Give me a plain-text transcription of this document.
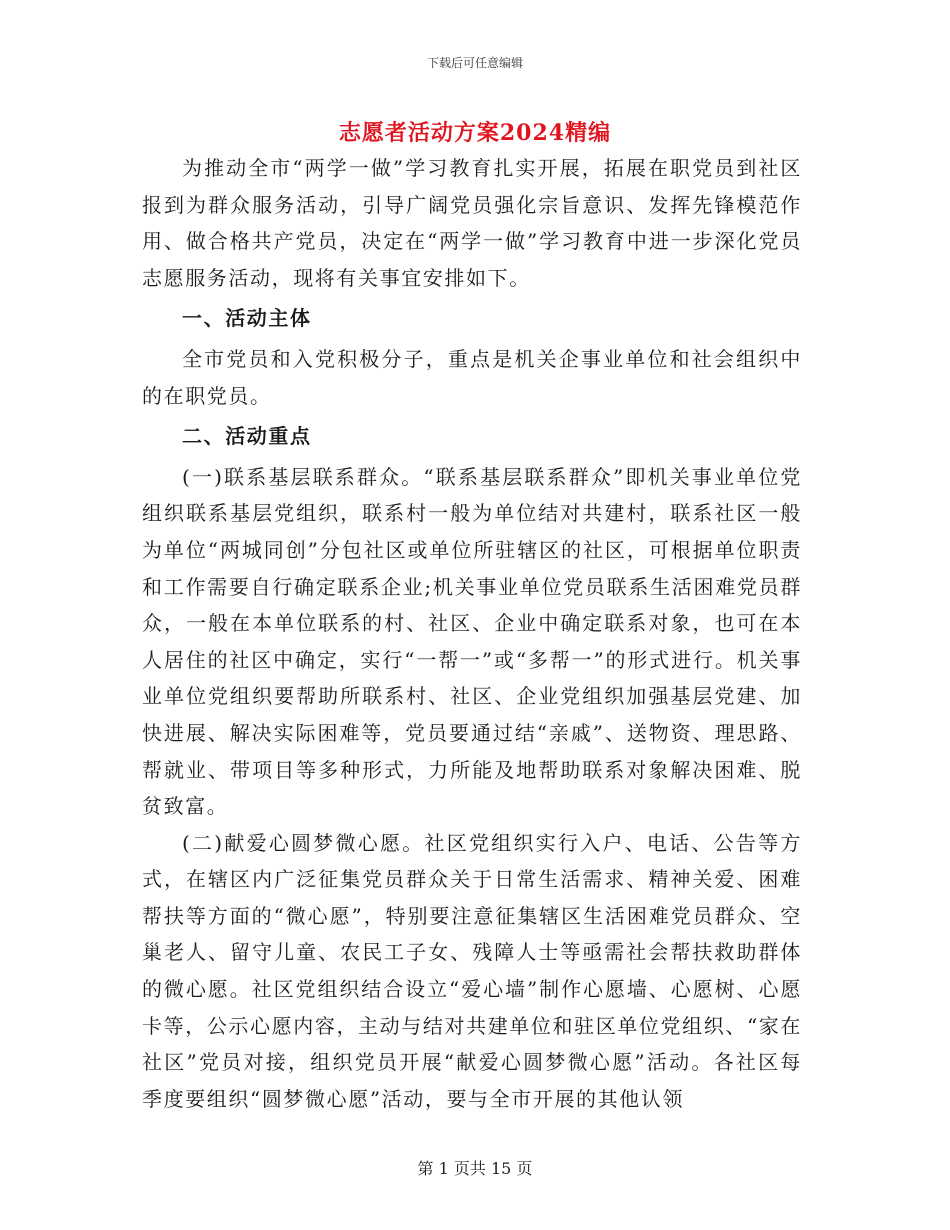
下载后可任意编辑
志愿者活动方案2024精编

为推动全市“两学一做”学习教育扎实开展，拓展在职党员到社区报到为群众服务活动，引导广阔党员强化宗旨意识、发挥先锋模范作用、做合格共产党员，决定在“两学一做”学习教育中进一步深化党员志愿服务活动，现将有关事宜安排如下。

一、活动主体

全市党员和入党积极分子，重点是机关企事业单位和社会组织中的在职党员。

二、活动重点

(一)联系基层联系群众。“联系基层联系群众”即机关事业单位党组织联系基层党组织，联系村一般为单位结对共建村，联系社区一般为单位“两城同创”分包社区或单位所驻辖区的社区，可根据单位职责和工作需要自行确定联系企业;机关事业单位党员联系生活困难党员群众，一般在本单位联系的村、社区、企业中确定联系对象，也可在本人居住的社区中确定，实行“一帮一”或“多帮一”的形式进行。机关事业单位党组织要帮助所联系村、社区、企业党组织加强基层党建、加快进展、解决实际困难等，党员要通过结“亲戚”、送物资、理思路、帮就业、带项目等多种形式，力所能及地帮助联系对象解决困难、脱贫致富。

(二)献爱心圆梦微心愿。社区党组织实行入户、电话、公告等方式，在辖区内广泛征集党员群众关于日常生活需求、精神关爱、困难帮扶等方面的“微心愿”，特别要注意征集辖区生活困难党员群众、空巢老人、留守儿童、农民工子女、残障人士等亟需社会帮扶救助群体的微心愿。社区党组织结合设立“爱心墙”制作心愿墙、心愿树、心愿卡等，公示心愿内容，主动与结对共建单位和驻区单位党组织、“家在社区”党员对接，组织党员开展“献爱心圆梦微心愿”活动。各社区每季度要组织“圆梦微心愿”活动，要与全市开展的其他认领

第 1 页共 15 页
